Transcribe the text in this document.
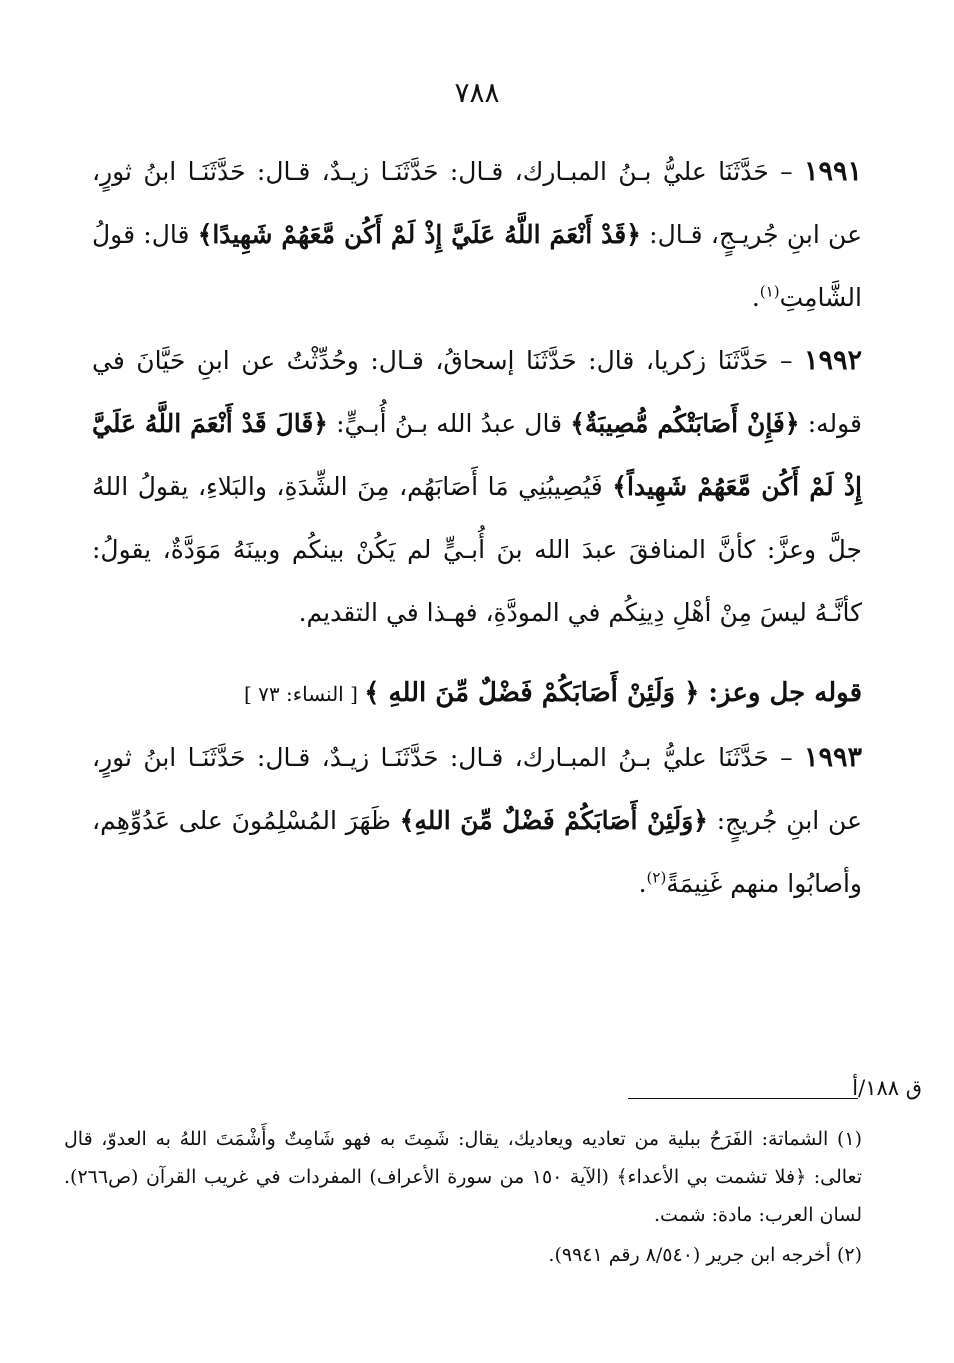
٧٨٨

١٩٩١ – حَدَّثَنَا عليُّ بـنُ المبـارك، قـال: حَدَّثَنَـا زيـدٌ، قـال: حَدَّثَنَـا ابنُ ثورٍ، عن ابنِ جُريـجٍ، قـال: ﴿قَدْ أَنْعَمَ اللَّهُ عَلَيَّ إِذْ لَمْ أَكُن مَّعَهُمْ شَهِيدًا﴾ قال: قولُ الشَّامِتِ$^{(١)}$.

١٩٩٢ – حَدَّثَنَا زكريا، قال: حَدَّثَنَا إسحاقُ، قـال: وحُدِّثْتُ عن ابنِ حَيَّانَ في قوله: ﴿فَإِنْ أَصَابَتْكُم مُّصِيبَةٌ﴾ قال عبدُ الله بـنُ أُبـيٍّ: ﴿قَالَ قَدْ أَنْعَمَ اللَّهُ عَلَيَّ إِذْ لَمْ أَكُن مَّعَهُمْ شَهِيداً﴾ فَيُصِيبُنِي مَا أَصَابَهُم، مِنَ الشِّدَةِ، والبَلاءِ، يقولُ اللهُ جلَّ وعزَّ: كأنَّ المنافقَ عبدَ الله بنَ أُبـيٍّ لم يَكُنْ بينكُم وبينَهُ مَوَدَّةٌ، يقولُ: كأنَّـهُ ليسَ مِنْ أهْلِ دِينِكُم في المودَّةِ، فهـذا في التقديم.

قوله جل وعز: ﴿ وَلَئِنْ أَصَابَكُمْ فَضْلٌ مِّنَ اللهِ ﴾ [ النساء: ٧٣ ]

١٩٩٣ – حَدَّثَنَا عليُّ بـنُ المبـارك، قـال: حَدَّثَنَـا زيـدٌ، قـال: حَدَّثَنَـا ابنُ ثورٍ، عن ابنِ جُريجٍ: ﴿وَلَئِنْ أَصَابَكُمْ فَضْلٌ مِّنَ اللهِ﴾ ظَهَرَ المُسْلِمُونَ على عَدُوِّهِم، وأصابُوا منهم غَنِيمَةً$^{(٢)}$.

ق ١٨٨/أ

(١) الشماتة: الفَرَحُ ببلية من تعاديه ويعاديك، يقال: شَمِتَ به فهو شَامِتٌ وأَشْمَتَ اللهُ به العدوّ، قال تعالى: ﴿فلا تشمت بي الأعداء﴾ (الآية ١٥٠ من سورة الأعراف) المفردات في غريب القرآن (ص٢٦٦). لسان العرب: مادة: شمت.

(٢) أخرجه ابن جرير (٨/٥٤٠ رقم ٩٩٤١).
